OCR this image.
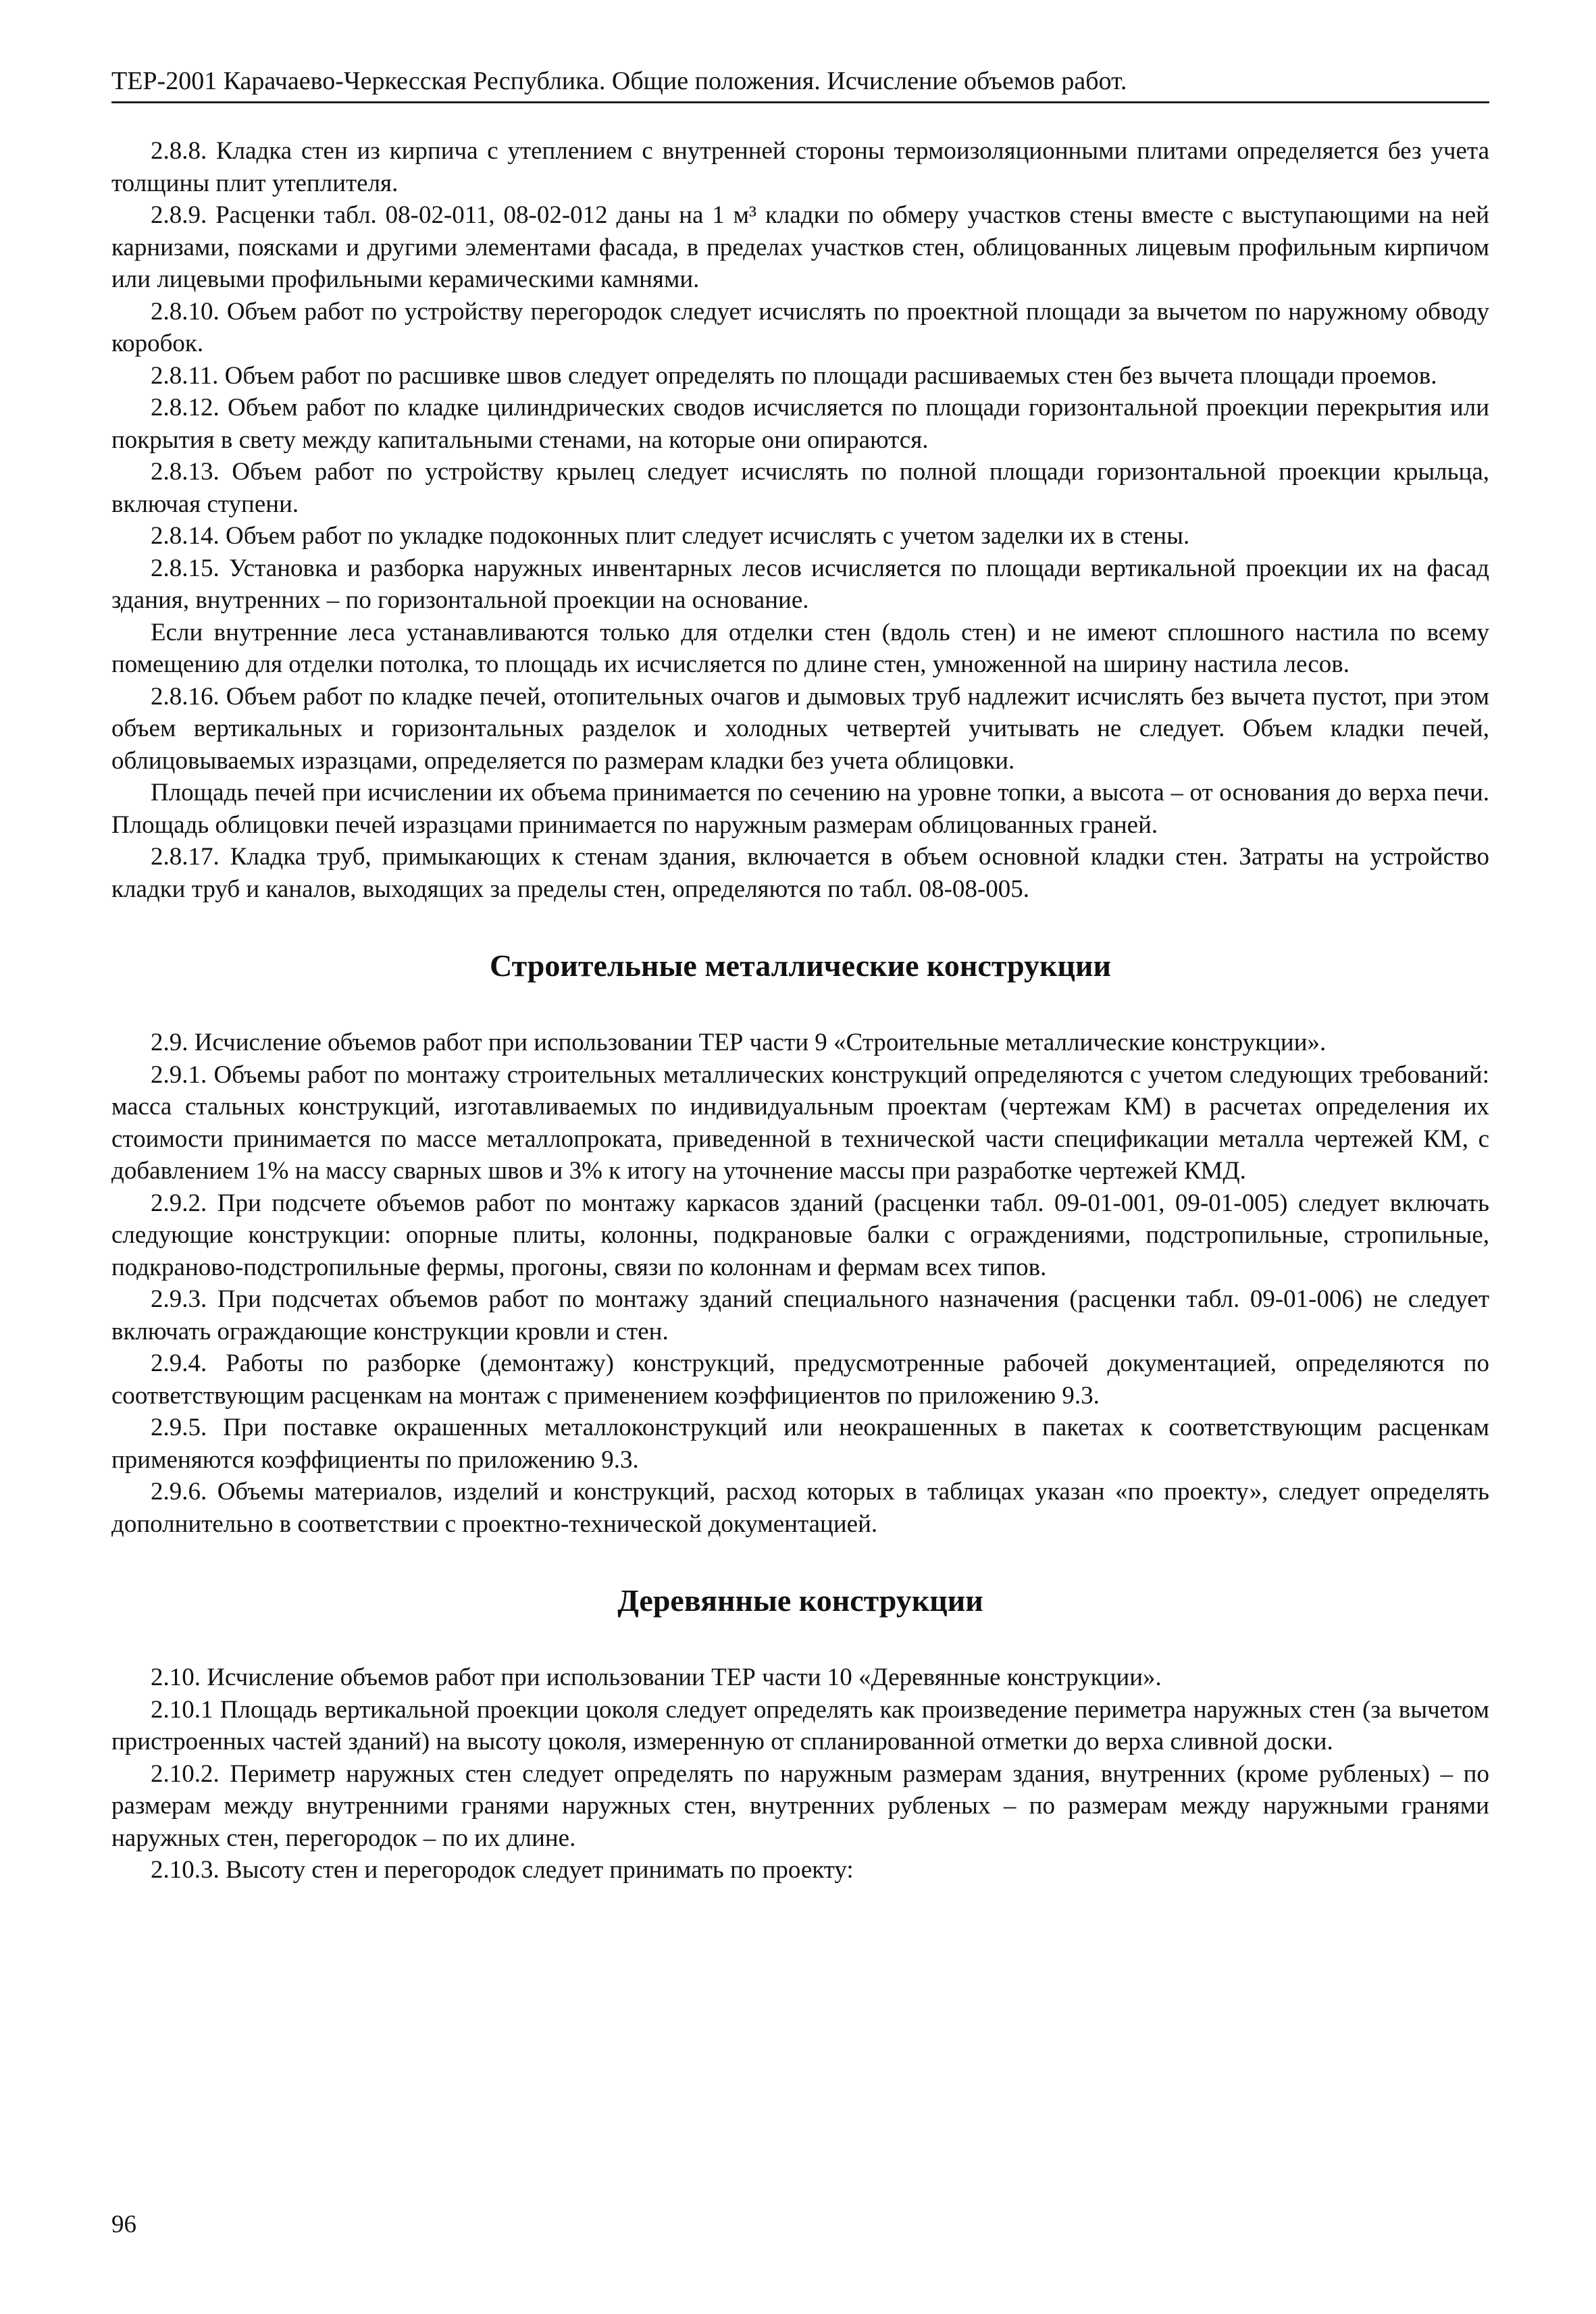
ТЕР-2001 Карачаево-Черкесская Республика. Общие положения. Исчисление объемов работ.

2.8.8. Кладка стен из кирпича с утеплением с внутренней стороны термоизоляционными плитами определяется без учета толщины плит утеплителя.

2.8.9. Расценки табл. 08-02-011, 08-02-012 даны на 1 м³ кладки по обмеру участков стены вместе с выступающими на ней карнизами, поясками и другими элементами фасада, в пределах участков стен, облицованных лицевым профильным кирпичом или лицевыми профильными керамическими камнями.

2.8.10. Объем работ по устройству перегородок следует исчислять по проектной площади за вычетом по наружному обводу коробок.

2.8.11. Объем работ по расшивке швов следует определять по площади расшиваемых стен без вычета площади проемов.

2.8.12. Объем работ по кладке цилиндрических сводов исчисляется по площади горизонтальной проекции перекрытия или покрытия в свету между капитальными стенами, на которые они опираются.

2.8.13. Объем работ по устройству крылец следует исчислять по полной площади горизонтальной проекции крыльца, включая ступени.

2.8.14. Объем работ по укладке подоконных плит следует исчислять с учетом заделки их в стены.

2.8.15. Установка и разборка наружных инвентарных лесов исчисляется по площади вертикальной проекции их на фасад здания, внутренних – по горизонтальной проекции на основание.

Если внутренние леса устанавливаются только для отделки стен (вдоль стен) и не имеют сплошного настила по всему помещению для отделки потолка, то площадь их исчисляется по длине стен, умноженной на ширину настила лесов.

2.8.16. Объем работ по кладке печей, отопительных очагов и дымовых труб надлежит исчислять без вычета пустот, при этом объем вертикальных и горизонтальных разделок и холодных четвертей учитывать не следует. Объем кладки печей, облицовываемых изразцами, определяется по размерам кладки без учета облицовки.

Площадь печей при исчислении их объема принимается по сечению на уровне топки, а высота – от основания до верха печи. Площадь облицовки печей изразцами принимается по наружным размерам облицованных граней.

2.8.17. Кладка труб, примыкающих к стенам здания, включается в объем основной кладки стен. Затраты на устройство кладки труб и каналов, выходящих за пределы стен, определяются по табл. 08-08-005.

Строительные металлические конструкции

2.9. Исчисление объемов работ при использовании ТЕР части 9 «Строительные металлические конструкции».

2.9.1. Объемы работ по монтажу строительных металлических конструкций определяются с учетом следующих требований: масса стальных конструкций, изготавливаемых по индивидуальным проектам (чертежам КМ) в расчетах определения их стоимости принимается по массе металлопроката, приведенной в технической части спецификации металла чертежей КМ, с добавлением 1% на массу сварных швов и 3% к итогу на уточнение массы при разработке чертежей КМД.

2.9.2. При подсчете объемов работ по монтажу каркасов зданий (расценки табл. 09-01-001, 09-01-005) следует включать следующие конструкции: опорные плиты, колонны, подкрановые балки с ограждениями, подстропильные, стропильные, подкраново-подстропильные фермы, прогоны, связи по колоннам и фермам всех типов.

2.9.3. При подсчетах объемов работ по монтажу зданий специального назначения (расценки табл. 09-01-006) не следует включать ограждающие конструкции кровли и стен.

2.9.4. Работы по разборке (демонтажу) конструкций, предусмотренные рабочей документацией, определяются по соответствующим расценкам на монтаж с применением коэффициентов по приложению 9.3.

2.9.5. При поставке окрашенных металлоконструкций или неокрашенных в пакетах к соответствующим расценкам применяются коэффициенты по приложению 9.3.

2.9.6. Объемы материалов, изделий и конструкций, расход которых в таблицах указан «по проекту», следует определять дополнительно в соответствии с проектно-технической документацией.

Деревянные конструкции

2.10. Исчисление объемов работ при использовании ТЕР части 10 «Деревянные конструкции».

2.10.1 Площадь вертикальной проекции цоколя следует определять как произведение периметра наружных стен (за вычетом пристроенных частей зданий) на высоту цоколя, измеренную от спланированной отметки до верха сливной доски.

2.10.2. Периметр наружных стен следует определять по наружным размерам здания, внутренних (кроме рубленых) – по размерам между внутренними гранями наружных стен, внутренних рубленых – по размерам между наружными гранями наружных стен, перегородок – по их длине.

2.10.3. Высоту стен и перегородок следует принимать по проекту:

96
